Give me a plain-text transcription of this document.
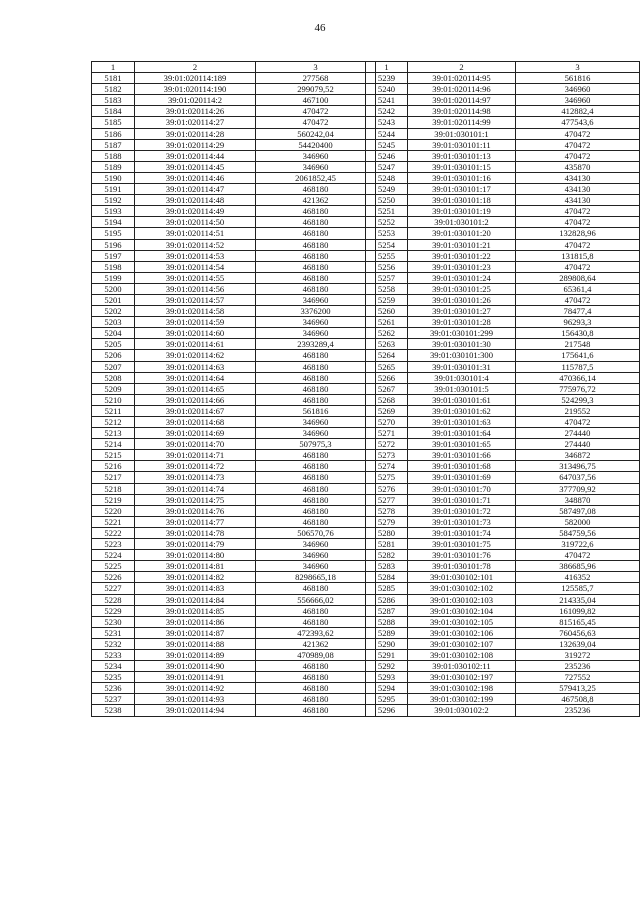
46
1	2	3
5181	39:01:020114:189	277568
5182	39:01:020114:190	299079,52
5183	39:01:020114:2	467100
5184	39:01:020114:26	470472
5185	39:01:020114:27	470472
5186	39:01:020114:28	560242,04
5187	39:01:020114:29	54420400
5188	39:01:020114:44	346960
5189	39:01:020114:45	346960
5190	39:01:020114:46	2061852,45
5191	39:01:020114:47	468180
5192	39:01:020114:48	421362
5193	39:01:020114:49	468180
5194	39:01:020114:50	468180
5195	39:01:020114:51	468180
5196	39:01:020114:52	468180
5197	39:01:020114:53	468180
5198	39:01:020114:54	468180
5199	39:01:020114:55	468180
5200	39:01:020114:56	468180
5201	39:01:020114:57	346960
5202	39:01:020114:58	3376200
5203	39:01:020114:59	346960
5204	39:01:020114:60	346960
5205	39:01:020114:61	2393289,4
5206	39:01:020114:62	468180
5207	39:01:020114:63	468180
5208	39:01:020114:64	468180
5209	39:01:020114:65	468180
5210	39:01:020114:66	468180
5211	39:01:020114:67	561816
5212	39:01:020114:68	346960
5213	39:01:020114:69	346960
5214	39:01:020114:70	507975,3
5215	39:01:020114:71	468180
5216	39:01:020114:72	468180
5217	39:01:020114:73	468180
5218	39:01:020114:74	468180
5219	39:01:020114:75	468180
5220	39:01:020114:76	468180
5221	39:01:020114:77	468180
5222	39:01:020114:78	506570,76
5223	39:01:020114:79	346960
5224	39:01:020114:80	346960
5225	39:01:020114:81	346960
5226	39:01:020114:82	8298665,18
5227	39:01:020114:83	468180
5228	39:01:020114:84	556666,02
5229	39:01:020114:85	468180
5230	39:01:020114:86	468180
5231	39:01:020114:87	472393,62
5232	39:01:020114:88	421362
5233	39:01:020114:89	470989,08
5234	39:01:020114:90	468180
5235	39:01:020114:91	468180
5236	39:01:020114:92	468180
5237	39:01:020114:93	468180
5238	39:01:020114:94	468180
1	2	3
5239	39:01:020114:95	561816
5240	39:01:020114:96	346960
5241	39:01:020114:97	346960
5242	39:01:020114:98	412882,4
5243	39:01:020114:99	477543,6
5244	39:01:030101:1	470472
5245	39:01:030101:11	470472
5246	39:01:030101:13	470472
5247	39:01:030101:15	435870
5248	39:01:030101:16	434130
5249	39:01:030101:17	434130
5250	39:01:030101:18	434130
5251	39:01:030101:19	470472
5252	39:01:030101:2	470472
5253	39:01:030101:20	132828,96
5254	39:01:030101:21	470472
5255	39:01:030101:22	131815,8
5256	39:01:030101:23	470472
5257	39:01:030101:24	289808,64
5258	39:01:030101:25	65361,4
5259	39:01:030101:26	470472
5260	39:01:030101:27	78477,4
5261	39:01:030101:28	96293,3
5262	39:01:030101:299	156430,8
5263	39:01:030101:30	217548
5264	39:01:030101:300	175641,6
5265	39:01:030101:31	115787,5
5266	39:01:030101:4	470366,14
5267	39:01:030101:5	775976,72
5268	39:01:030101:61	524299,3
5269	39:01:030101:62	219552
5270	39:01:030101:63	470472
5271	39:01:030101:64	274440
5272	39:01:030101:65	274440
5273	39:01:030101:66	346872
5274	39:01:030101:68	313496,75
5275	39:01:030101:69	647037,56
5276	39:01:030101:70	377709,92
5277	39:01:030101:71	348870
5278	39:01:030101:72	587497,08
5279	39:01:030101:73	582000
5280	39:01:030101:74	584759,56
5281	39:01:030101:75	319722,6
5282	39:01:030101:76	470472
5283	39:01:030101:78	386685,96
5284	39:01:030102:101	416352
5285	39:01:030102:102	125585,7
5286	39:01:030102:103	214335,04
5287	39:01:030102:104	161099,82
5288	39:01:030102:105	815165,45
5289	39:01:030102:106	760456,63
5290	39:01:030102:107	132639,04
5291	39:01:030102:108	319272
5292	39:01:030102:11	235236
5293	39:01:030102:197	727552
5294	39:01:030102:198	579413,25
5295	39:01:030102:199	467508,8
5296	39:01:030102:2	235236
